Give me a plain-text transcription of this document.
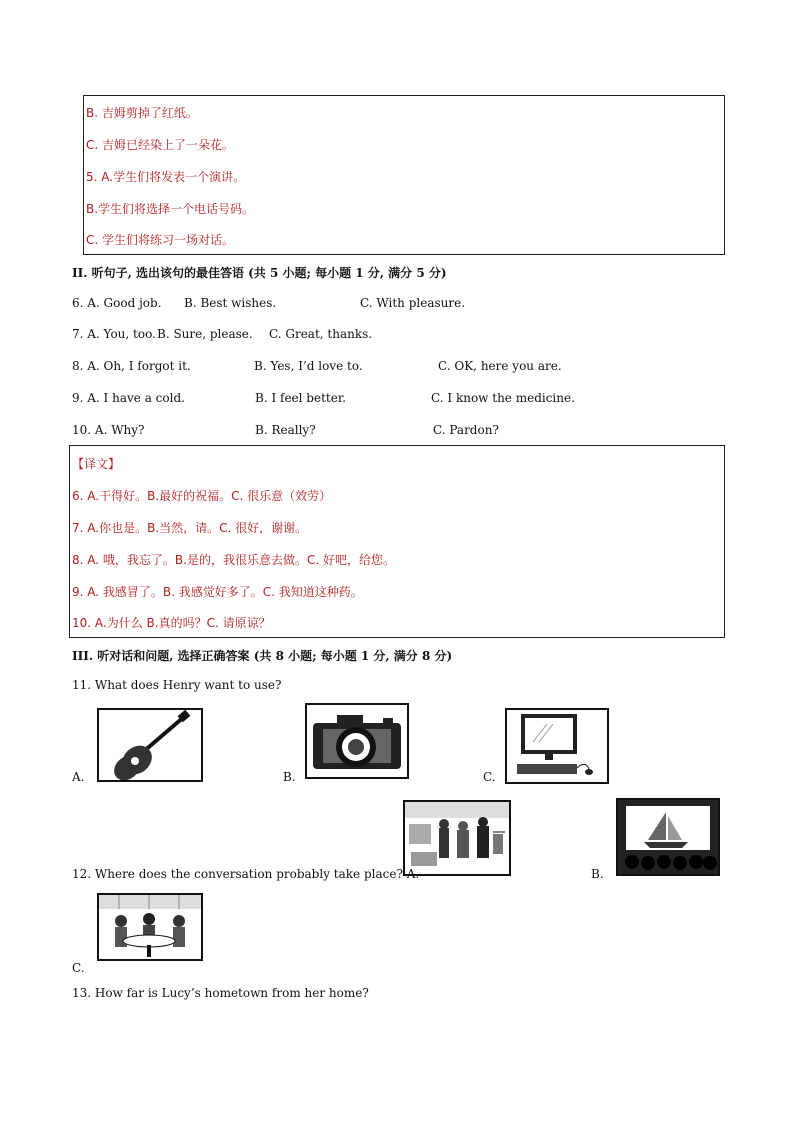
B. 吉姆剪掉了红纸。
C. 吉姆已经染上了一朵花。
5. A.学生们将发表一个演讲。
B.学生们将选择一个电话号码。
C. 学生们将练习一场对话。
II. 听句子, 选出该句的最佳答语 (共 5 小题; 每小题 1 分, 满分 5 分)
6. A. Good job. B. Best wishes.	C. With pleasure.
7. A. You, too. B. Sure, please. C. Great, thanks.
8. A. Oh, I forgot it.	B. Yes, I’d love to.	C. OK, here you are.
9. A. I have a cold.	B. I feel better.	C. I know the medicine.
10. A. Why?	B. Really?	C. Pardon?
【译文】
6. A.干得好。B.最好的祝福。C. 很乐意（效劳）
7. A.你也是。B.当然，请。C. 很好，谢谢。
8. A. 哦，我忘了。B.是的，我很乐意去做。C. 好吧，给您。
9. A. 我感冒了。B. 我感觉好多了。C. 我知道这种药。
10. A.为什么 B.真的吗？C. 请原谅？
III. 听对话和问题, 选择正确答案 (共 8 小题; 每小题 1 分, 满分 8 分)
11. What does Henry want to use?
A.	B.	C.
12. Where does the conversation probably take place? A.	B.
C.
13. How far is Lucy’s hometown from her home?
